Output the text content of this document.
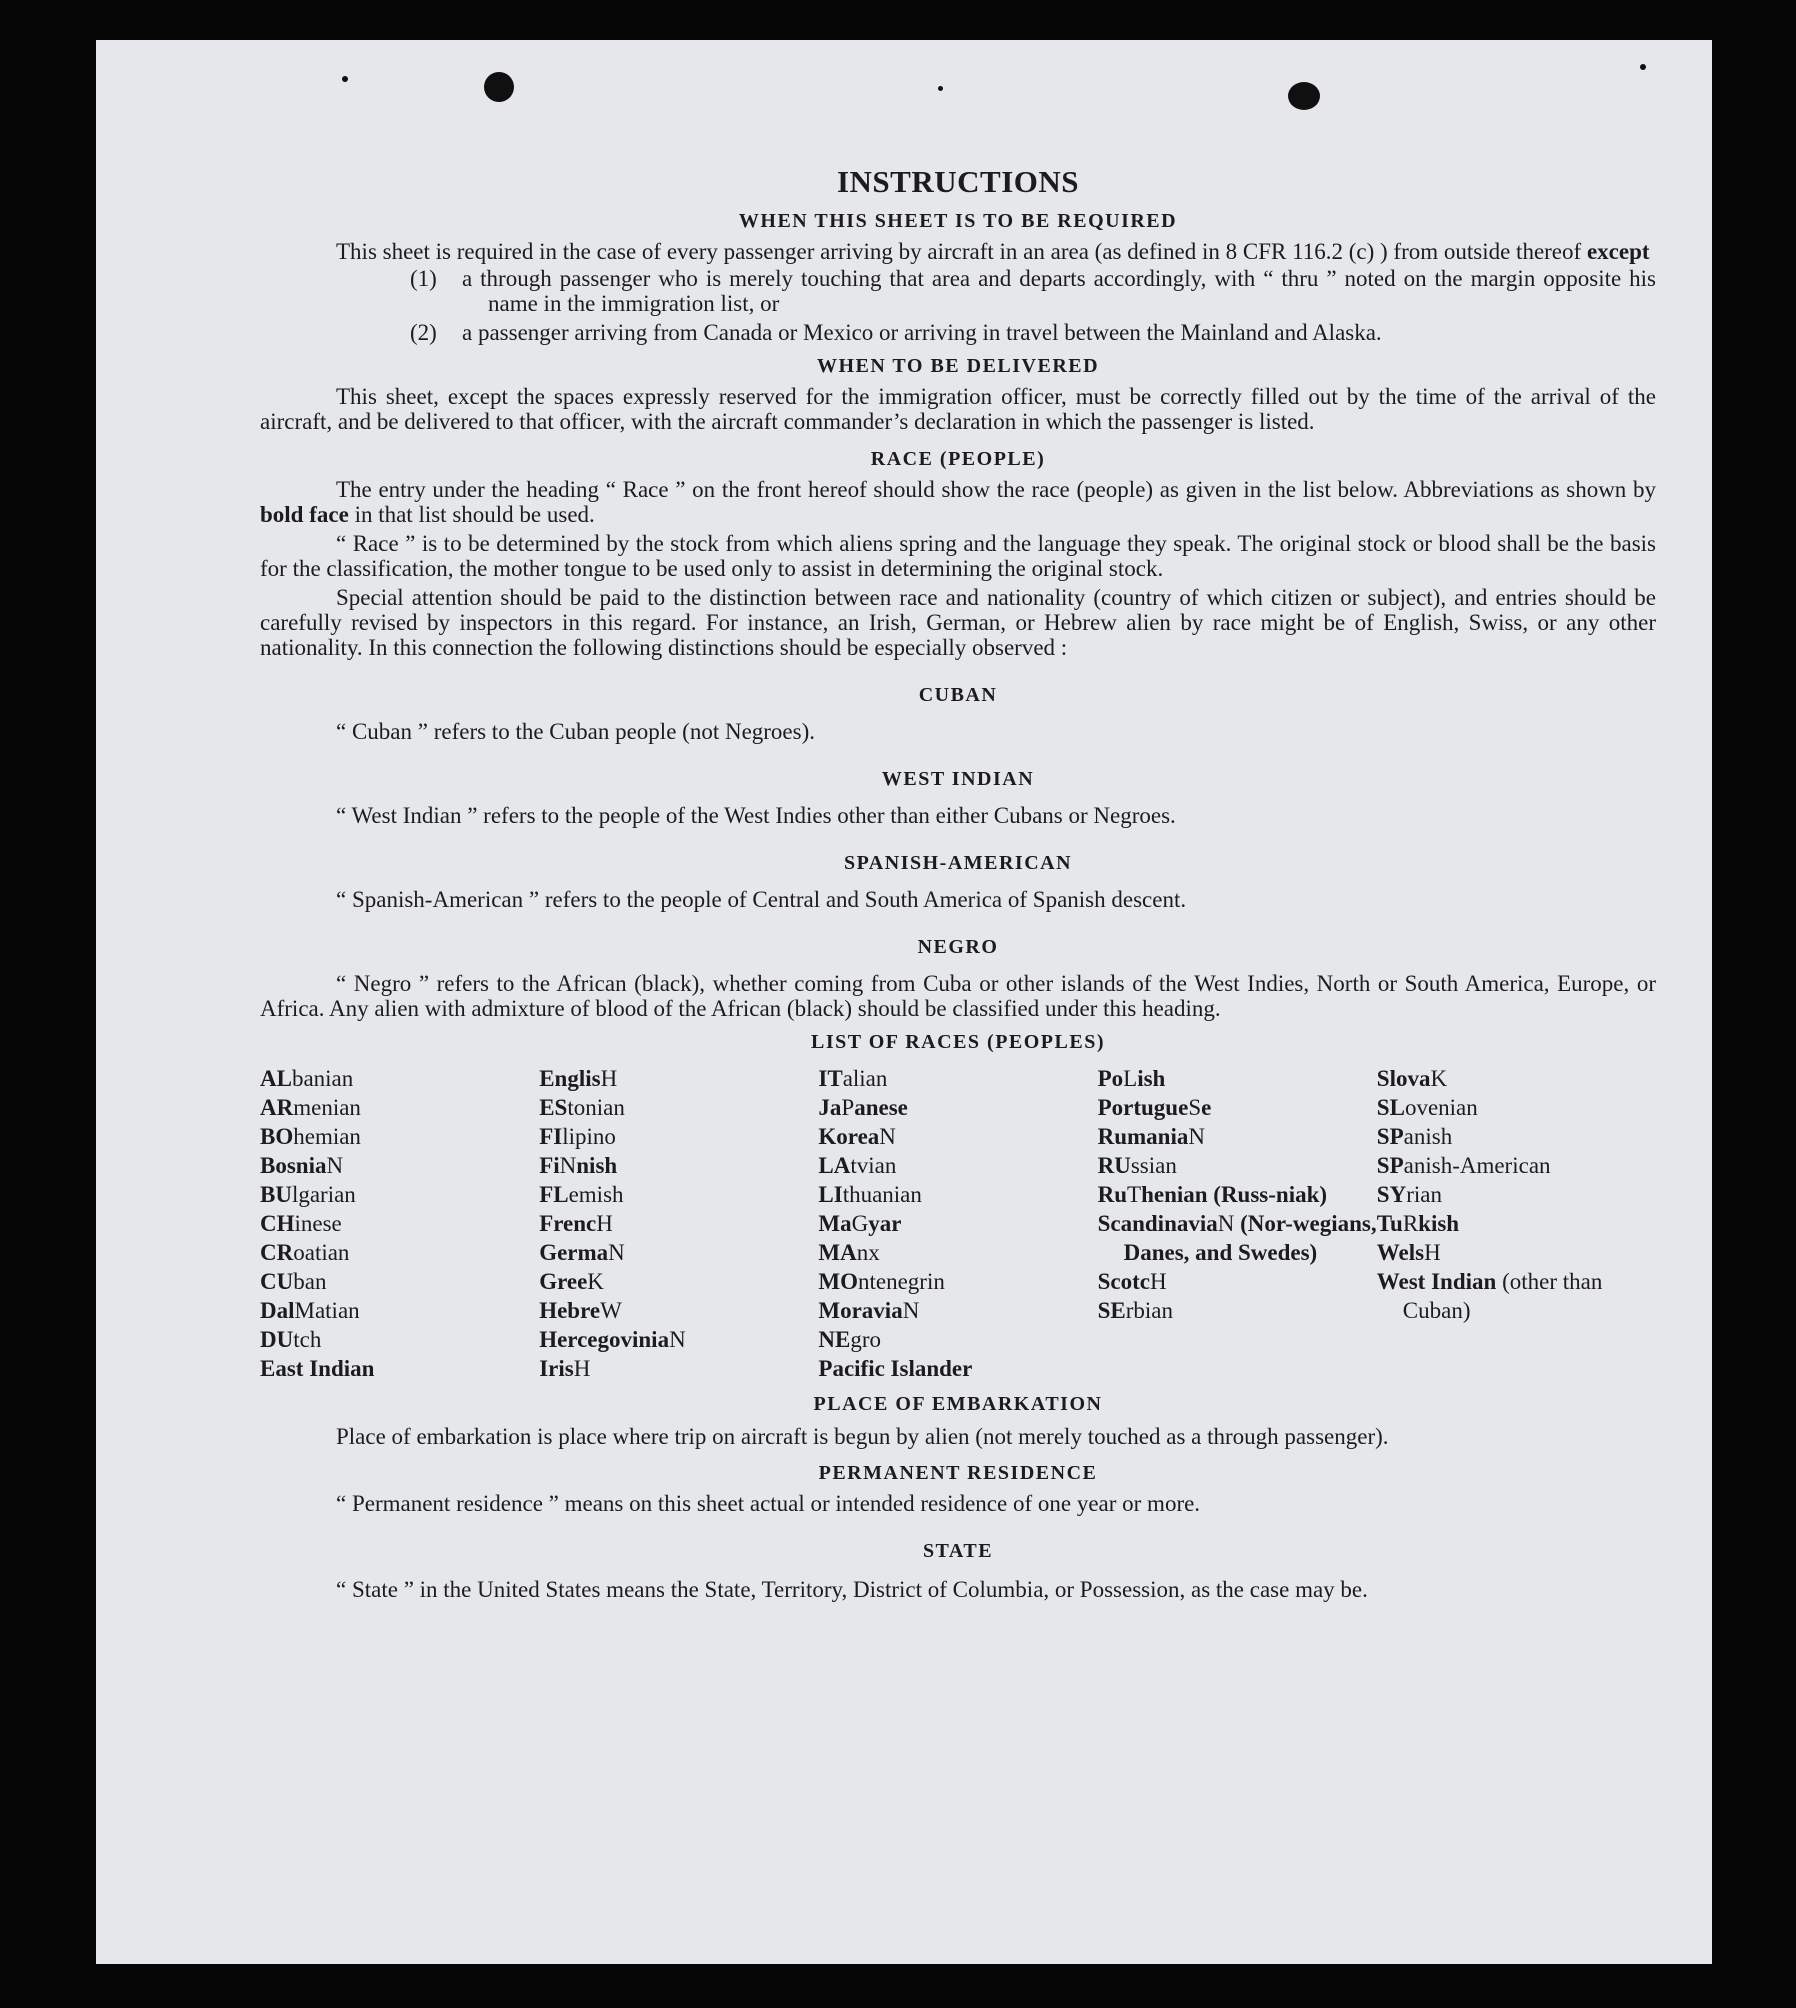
INSTRUCTIONS
WHEN THIS SHEET IS TO BE REQUIRED

This sheet is required in the case of every passenger arriving by aircraft in an area (as defined in 8 CFR 116.2 (c) ) from outside thereof except

(1)	a through passenger who is merely touching that area and departs accordingly, with “ thru ” noted on the margin opposite his name in the immigration list, or
(2)	a passenger arriving from Canada or Mexico or arriving in travel between the Mainland and Alaska.
WHEN TO BE DELIVERED

This sheet, except the spaces expressly reserved for the immigration officer, must be correctly filled out by the time of the arrival of the aircraft, and be delivered to that officer, with the aircraft commander’s declaration in which the passenger is listed.

RACE (PEOPLE)

The entry under the heading “ Race ” on the front hereof should show the race (people) as given in the list below. Abbreviations as shown by bold face in that list should be used.

“ Race ” is to be determined by the stock from which aliens spring and the language they speak. The original stock or blood shall be the basis for the classification, the mother tongue to be used only to assist in determining the original stock.

Special attention should be paid to the distinction between race and nationality (country of which citizen or subject), and entries should be carefully revised by inspectors in this regard. For instance, an Irish, German, or Hebrew alien by race might be of English, Swiss, or any other nationality. In this connection the following distinctions should be especially observed :

CUBAN

“ Cuban ” refers to the Cuban people (not Negroes).

WEST INDIAN

“ West Indian ” refers to the people of the West Indies other than either Cubans or Negroes.

SPANISH-AMERICAN

“ Spanish-American ” refers to the people of Central and South America of Spanish descent.

NEGRO

“ Negro ” refers to the African (black), whether coming from Cuba or other islands of the West Indies, North or South America, Europe, or Africa. Any alien with admixture of blood of the African (black) should be classified under this heading.

LIST OF RACES (PEOPLES)
ALbanian
ARmenian
BOhemian
BosniaN
BUlgarian
CHinese
CRoatian
CUban
DalMatian
DUtch
East Indian
EnglisH
EStonian
FIlipino
FiNnish
FLemish
FrencH
GermaN
GreeK
HebreW
HercegoviniaN
IrisH
ITalian
JaPanese
KoreaN
LAtvian
LIthuanian
MaGyar
MAnx
MOntenegrin
MoraviaN
NEgro
Pacific Islander
PoLish
PortugueSe
RumaniaN
RUssian
RuThenian (Russ-niak)
ScandinaviaN (Nor-wegians, Danes, and Swedes)
ScotcH
SErbian
SlovaK
SLovenian
SPanish
SPanish-American
SYrian
TuRkish
WelsH
West Indian (other than Cuban)
PLACE OF EMBARKATION

Place of embarkation is place where trip on aircraft is begun by alien (not merely touched as a through passenger).

PERMANENT RESIDENCE

“ Permanent residence ” means on this sheet actual or intended residence of one year or more.

STATE

“ State ” in the United States means the State, Territory, District of Columbia, or Possession, as the case may be.
